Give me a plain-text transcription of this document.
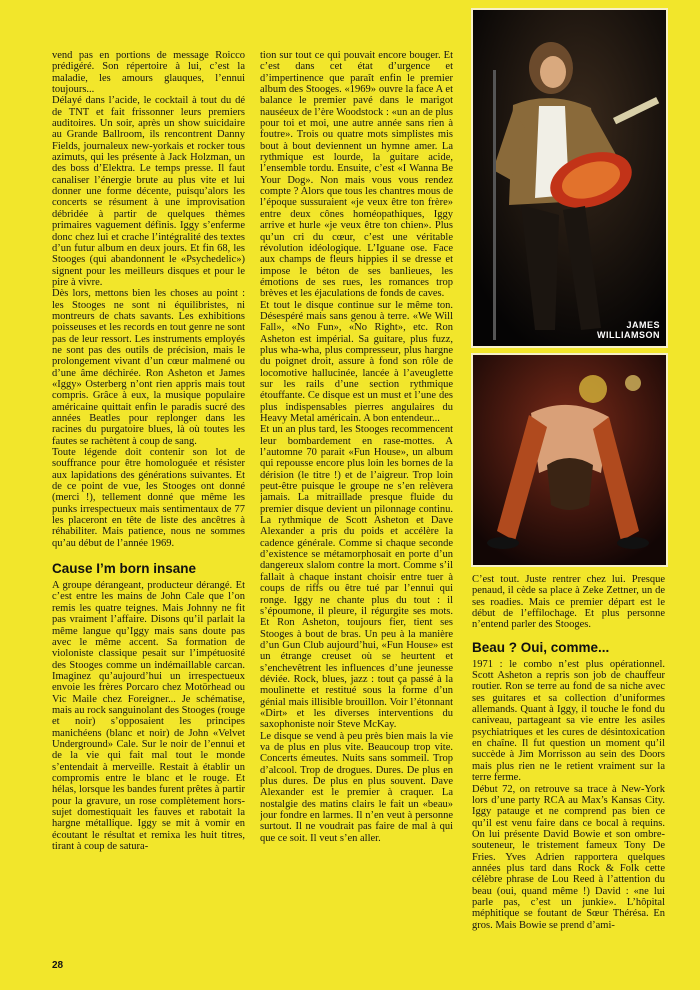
vend pas en portions de message Roicco prédigéré. Son répertoire à lui, c’est la maladie, les amours glauques, l’ennui toujours...

Délayé dans l’acide, le cocktail à tout du dé de TNT et fait frissonner leurs premiers auditoires. Un soir, après un show suicidaire au Grande Ballroom, ils rencontrent Danny Fields, journaleux new-yorkais et rocker tous azimuts, qui les présente à Jack Holzman, un des boss d’Elektra. Le temps presse. Il faut canaliser l’énergie brute au plus vite et lui donner une forme décente, puisqu’alors les concerts se résument à une improvisation débridée à partir de quelques thèmes primaires vaguement définis. Iggy s’enferme donc chez lui et crache l’intégralité des textes d’un futur album en deux jours. Et fin 68, les Stooges (qui abandonnent le «Psychedelic») signent pour les meilleurs disques et pour le pire à vivre.

Dès lors, mettons bien les choses au point : les Stooges ne sont ni équilibristes, ni montreurs de chats savants. Les exhibitions poisseuses et les records en tout genre ne sont pas de leur ressort. Les instruments employés ne sont pas des outils de précision, mais le prolongement vivant d’un cœur malmené ou d’une âme déchirée. Ron Asheton et James «Iggy» Osterberg n’ont rien appris mais tout compris. Grâce à eux, la musique populaire américaine quittait enfin le paradis sucré des années Beatles pour replonger dans les racines du purgatoire blues, là où toutes les fautes se rachètent à coup de sang.

Toute légende doit contenir son lot de souffrance pour être homologuée et résister aux lapidations des générations suivantes. Et de ce point de vue, les Stooges ont donné (merci !), tellement donné que même les punks irrespectueux mais sentimentaux de 77 les placeront en tête de liste des ancêtres à réhabiliter. Mais patience, nous ne sommes qu’au début de l’année 1969.

Cause I’m born insane

A groupe dérangeant, producteur dérangé. Et c’est entre les mains de John Cale que l’on remis les quatre teignes. Mais Johnny ne fit pas vraiment l’affaire. Disons qu’il parlait la même langue qu’Iggy mais sans doute pas avec le même accent. Sa formation de violoniste classique pesait sur l’impétuosité des Stooges comme un indémaillable carcan. Imaginez qu’aujourd’hui un irrespectueux envoie les frères Porcaro chez Motörhead ou Vic Maile chez Foreigner... Je schématise, mais au rock sanguinolant des Stooges (rouge et noir) s’opposaient les principes manichéens (blanc et noir) de John «Velvet Underground» Cale. Sur le noir de l’ennui et de la vie qui fait mal tout le monde s’entendait à merveille. Restait à établir un compromis entre le blanc et le rouge. Et hélas, lorsque les bandes furent prêtes à partir pour la gravure, un rose complètement hors-sujet domestiquait les fauves et rabotait la hargne métallique. Iggy se mit à vomir en écoutant le résultat et remixa les huit titres, tirant à coup de satura-

tion sur tout ce qui pouvait encore bouger. Et c’est dans cet état d’urgence et d’impertinence que paraît enfin le premier album des Stooges. «1969» ouvre la face A et balance le premier pavé dans le marigot nauséeux de l’ère Woodstock : «un an de plus pour toi et moi, une autre année sans rien à foutre». Trois ou quatre mots simplistes mis bout à bout deviennent un hymne amer. La rythmique est lourde, la guitare acide, l’ensemble tordu. Ensuite, c’est «I Wanna Be Your Dog». Non mais vous vous rendez compte ? Alors que tous les chantres mous de l’époque sussuraient «je veux être ton frère» entre deux cônes homéopathiques, Iggy arrive et hurle «je veux être ton chien». Plus qu’un cri du cœur, c’est une véritable révolution idéologique. L’Iguane ose. Face aux champs de fleurs hippies il se dresse et impose le béton de ses banlieues, les émotions de ses rues, les romances trop brèves et les éjaculations de fonds de caves.

Et tout le disque continue sur le même ton. Désespéré mais sans genou à terre. «We Will Fall», «No Fun», «No Right», etc. Ron Asheton est impérial. Sa guitare, plus fuzz, plus wha-wha, plus compresseur, plus hargne du poignet droit, assure à fond son rôle de locomotive hallucinée, lancée à l’aveuglette sur les rails d’une section rythmique étouffante. Ce disque est un must et l’une des plus indispensables pierres angulaires du Heavy Metal américain. A bon entendeur...

Et un an plus tard, les Stooges recommencent leur bombardement en rase-mottes. A l’automne 70 parait «Fun House», un album qui repousse encore plus loin les bornes de la dérision (le titre !) et de l’aigreur. Trop loin peut-être puisque le groupe ne s’en relèvera jamais. La mitraillade presque fluide du premier disque devient un pilonnage continu. La rythmique de Scott Asheton et Dave Alexander a pris du poids et accélère la cadence générale. Comme si chaque seconde d’existence se métamorphosait en porte d’un dangereux slalom contre la mort. Comme s’il fallait à chaque instant choisir entre tuer à coups de riffs ou être tué par l’ennui qui ronge. Iggy ne chante plus du tout : il s’époumone, il pleure, il régurgite ses mots. Et Ron Asheton, toujours fier, tient ses Stooges à bout de bras. Un peu à la manière d’un Gun Club aujourd’hui, «Fun House» est un étrange creuset où se heurtent et s’enchevêtrent les influences d’une jeunesse déviée. Rock, blues, jazz : tout ça passé à la moulinette et restitué sous la forme d’un génial mais illisible brouillon. Voir l’étonnant «Dirt» et les diverses interventions du saxophoniste noir Steve McKay.

Le disque se vend à peu près bien mais la vie va de plus en plus vite. Beaucoup trop vite. Concerts émeutes. Nuits sans sommeil. Trop d’alcool. Trop de drogues. Dures. De plus en plus dures. De plus en plus souvent. Dave Alexander est le premier à craquer. La nostalgie des matins clairs le fait un «beau» jour fondre en larmes. Il n’en veut à personne surtout. Il ne voudrait pas faire de mal à qui que ce soit. Il veut s’en aller.

JAMES
WILLIAMSON

C’est tout. Juste rentrer chez lui. Presque penaud, il cède sa place à Zeke Zettner, un de ses roadies. Mais ce premier départ est le début de l’effilochage. Et plus personne n’entend parler des Stooges.

Beau ? Oui, comme...

1971 : le combo n’est plus opérationnel. Scott Asheton a repris son job de chauffeur routier. Ron se terre au fond de sa niche avec ses guitares et sa collection d’uniformes allemands. Quant à Iggy, il touche le fond du caniveau, partageant sa vie entre les asiles psychiatriques et les cures de désintoxication en chaîne. Il fut question un moment qu’il succède à Jim Morrisson au sein des Doors mais plus rien ne le retient vraiment sur la terre ferme.

Début 72, on retrouve sa trace à New-York lors d’une party RCA au Max’s Kansas City. Iggy patauge et ne comprend pas bien ce qu’il est venu faire dans ce bocal à requins. On lui présente David Bowie et son ombre-souteneur, le tristement fameux Tony De Fries. Yves Adrien rapportera quelques années plus tard dans Rock & Folk cette célèbre phrase de Lou Reed à l’attention du beau (oui, quand même !) David : «ne lui parle pas, c’est un junkie». L’hôpital méphitique se foutant de Sœur Thérésa. En gros. Mais Bowie se prend d’ami-

28
